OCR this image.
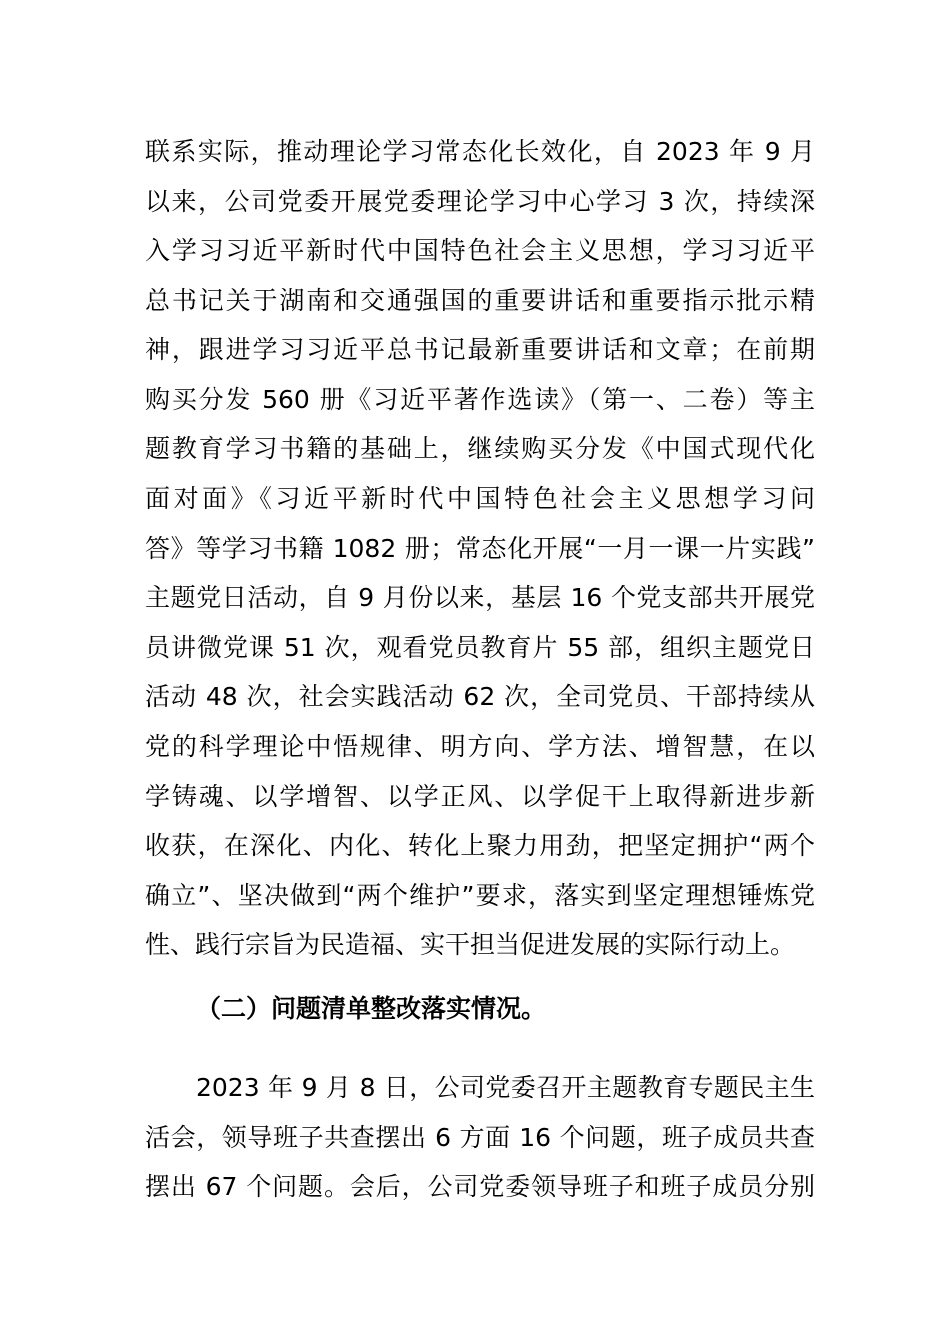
联系实际，推动理论学习常态化长效化，自 2023 年 9 月
以来，公司党委开展党委理论学习中心学习 3 次，持续深
入学习习近平新时代中国特色社会主义思想，学习习近平
总书记关于湖南和交通强国的重要讲话和重要指示批示精
神，跟进学习习近平总书记最新重要讲话和文章；在前期
购买分发 560 册《习近平著作选读》（第一、二卷）等主
题教育学习书籍的基础上，继续购买分发《中国式现代化
面对面》《习近平新时代中国特色社会主义思想学习问
答》等学习书籍 1082 册；常态化开展“一月一课一片实践”
主题党日活动，自 9 月份以来，基层 16 个党支部共开展党
员讲微党课 51 次，观看党员教育片 55 部，组织主题党日
活动 48 次，社会实践活动 62 次，全司党员、干部持续从
党的科学理论中悟规律、明方向、学方法、增智慧，在以
学铸魂、以学增智、以学正风、以学促干上取得新进步新
收获，在深化、内化、转化上聚力用劲，把坚定拥护“两个
确立”、坚决做到“两个维护”要求，落实到坚定理想锤炼党
性、践行宗旨为民造福、实干担当促进发展的实际行动上。
（二）问题清单整改落实情况。
2023 年 9 月 8 日，公司党委召开主题教育专题民主生
活会，领导班子共查摆出 6 方面 16 个问题，班子成员共查
摆出 67 个问题。会后，公司党委领导班子和班子成员分别
